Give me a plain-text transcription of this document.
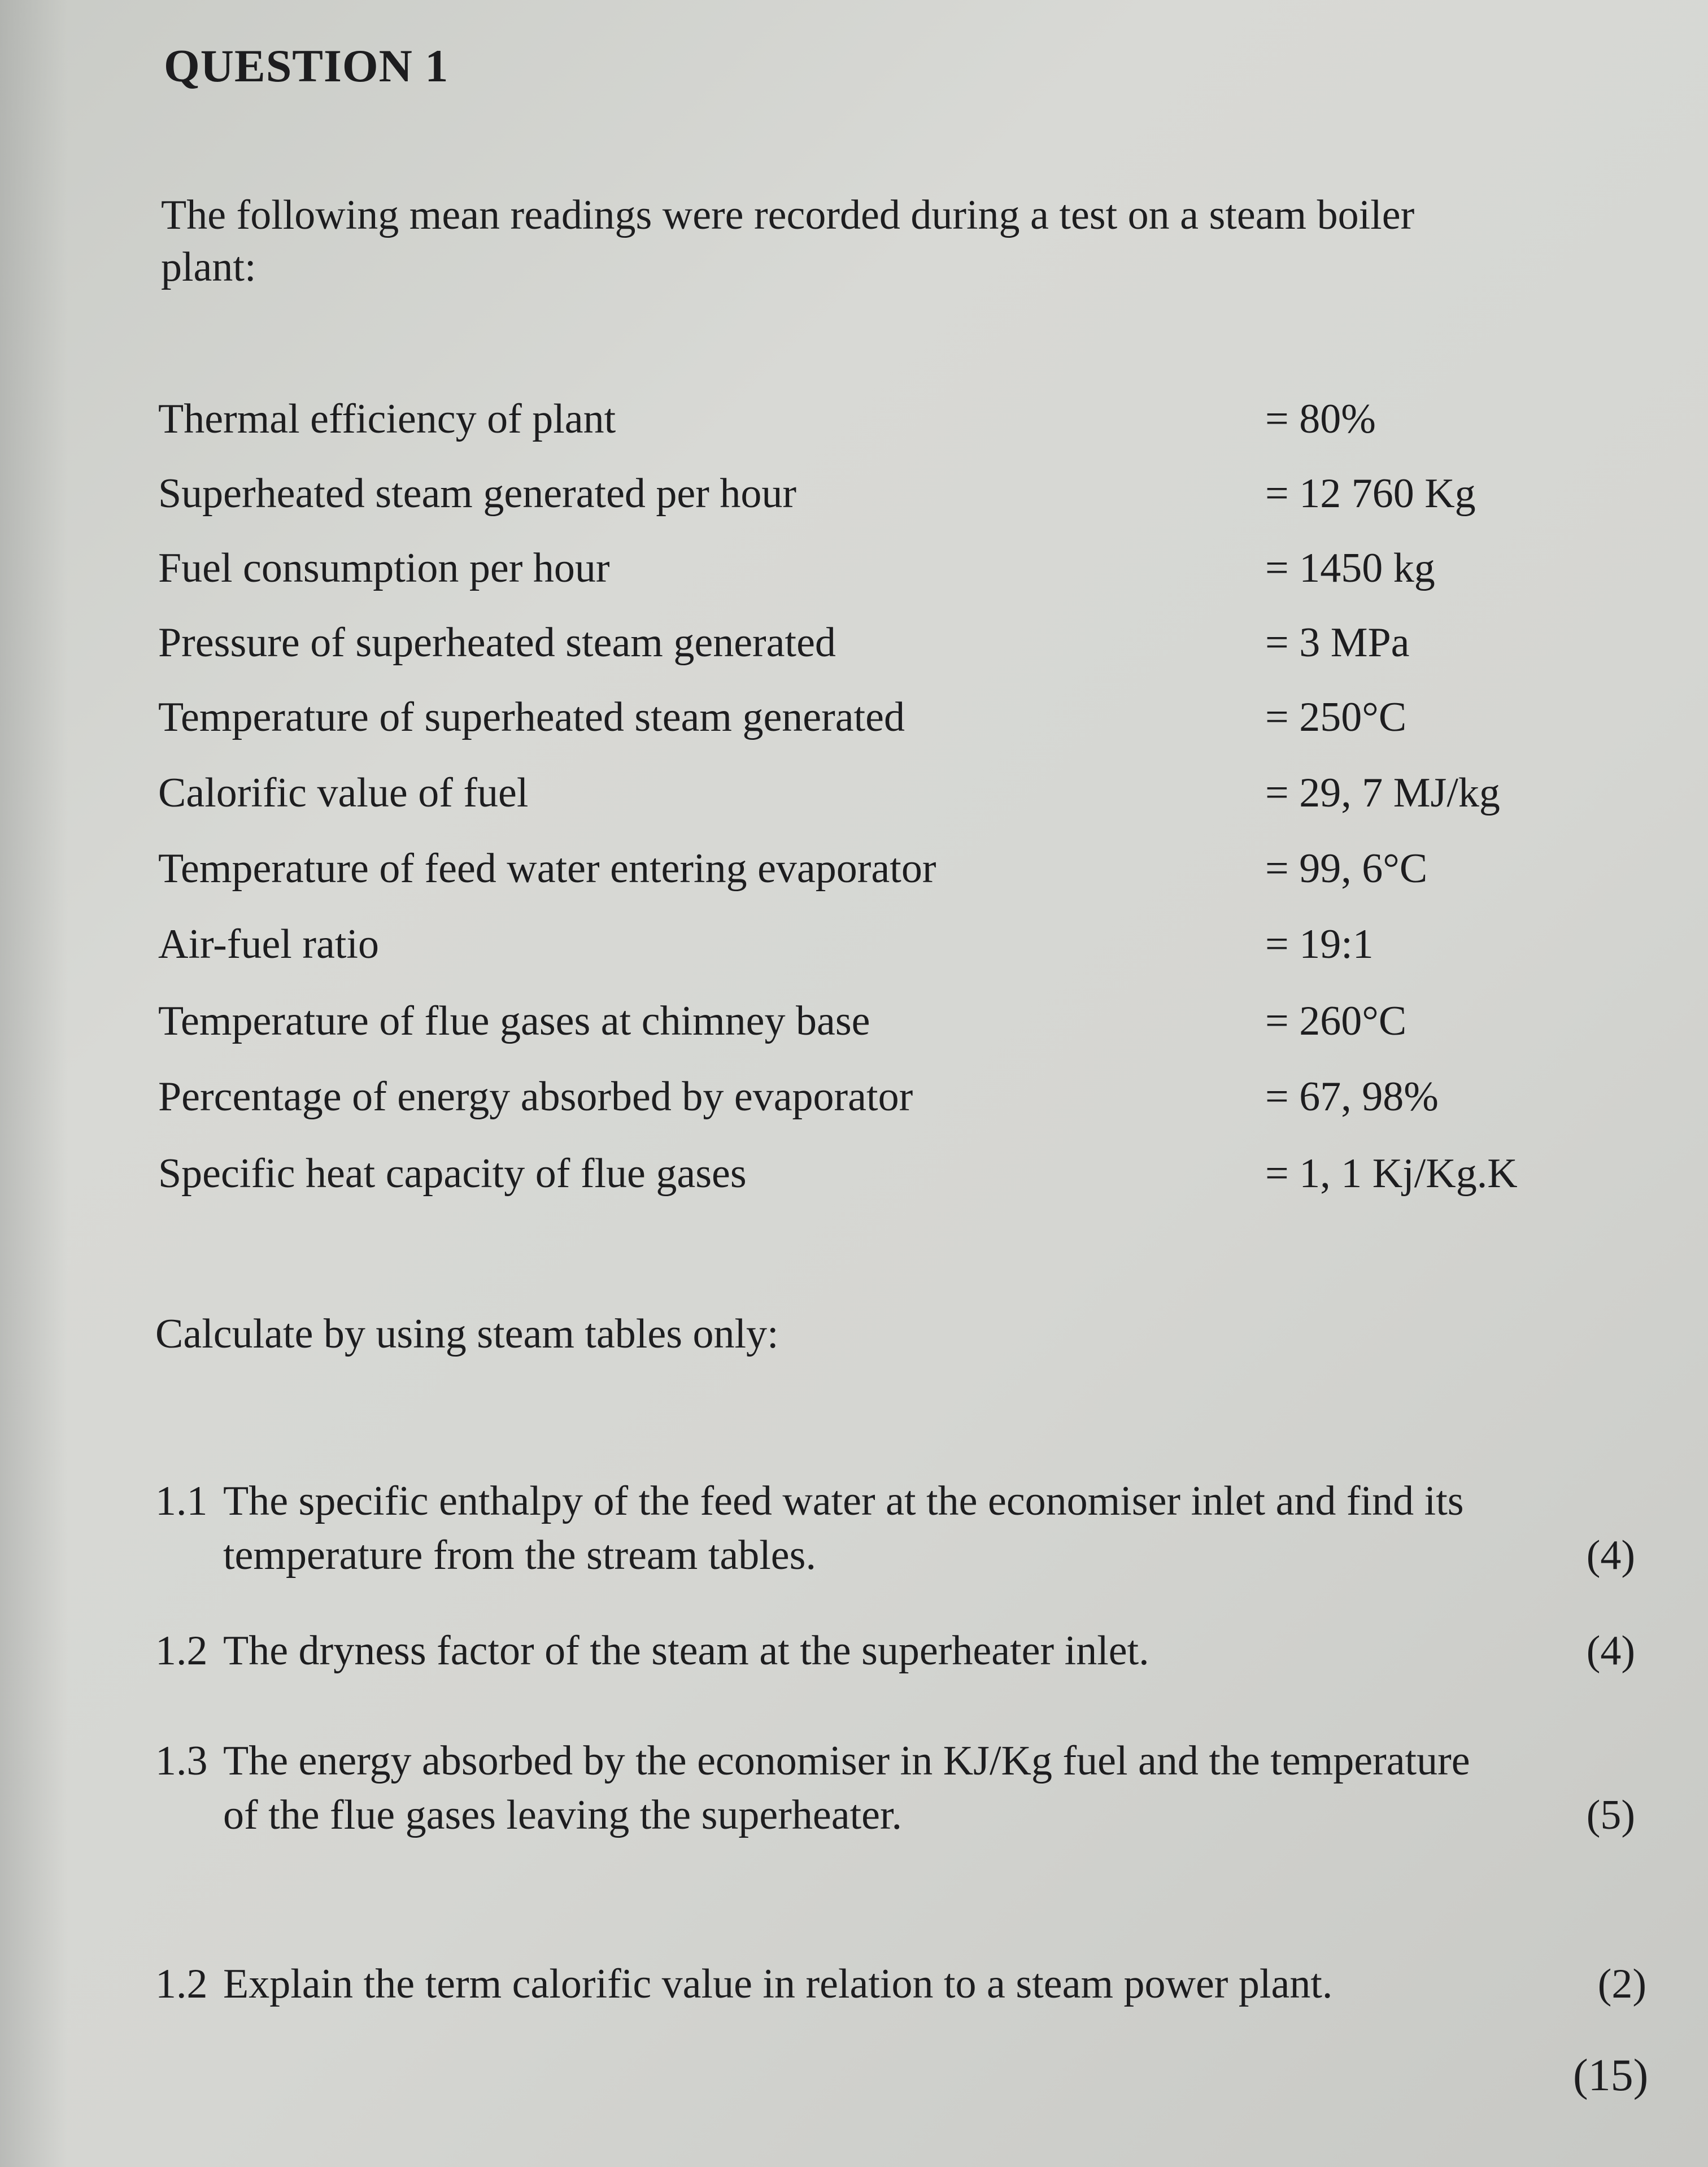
QUESTION 1
The following mean readings were recorded during a test on a steam boiler plant:
Thermal efficiency of plant	= 80%
Superheated steam generated per hour	= 12 760 Kg
Fuel consumption per hour	= 1450 kg
Pressure of superheated steam generated	= 3 MPa
Temperature of superheated steam generated	= 250°C
Calorific value of fuel	= 29, 7 MJ/kg
Temperature of feed water entering evaporator	= 99, 6°C
Air-fuel ratio	= 19:1
Temperature of flue gases at chimney base	= 260°C
Percentage of energy absorbed by evaporator	= 67, 98%
Specific heat capacity of flue gases	= 1, 1 Kj/Kg.K
Calculate by using steam tables only:
1.1 The specific enthalpy of the feed water at the economiser inlet and find its
temperature from the stream tables.	(4)
1.2 The dryness factor of the steam at the superheater inlet.	(4)
1.3 The energy absorbed by the economiser in KJ/Kg fuel and the temperature
of the flue gases leaving the superheater.	(5)
1.2 Explain the term calorific value in relation to a steam power plant.	(2)
(15)
